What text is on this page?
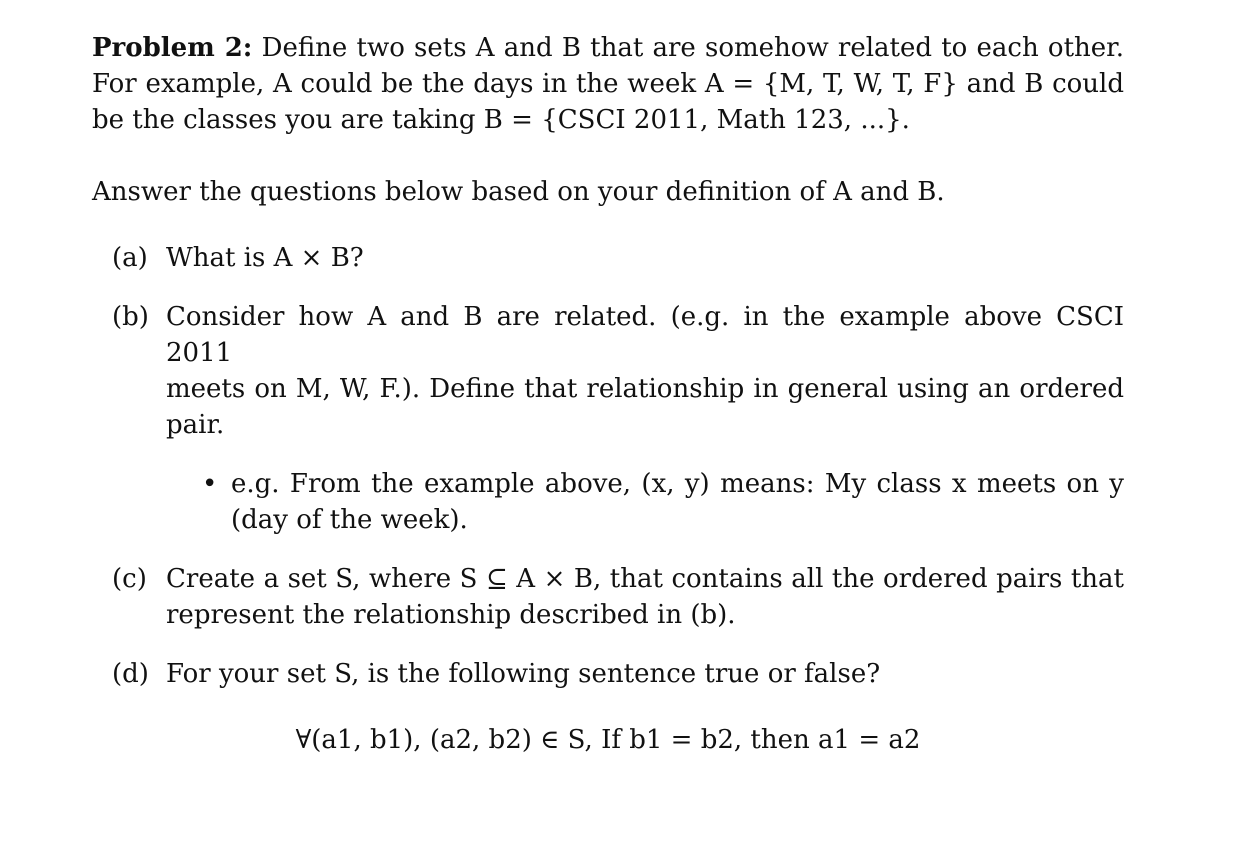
Problem 2: Define two sets A and B that are somehow related to each other.

For example, A could be the days in the week A = {M, T, W, T, F} and B could

be the classes you are taking B = {CSCI 2011, Math 123, ...}.

Answer the questions below based on your definition of A and B.

(a) What is A × B?
(b) Consider how A and B are related. (e.g. in the example above CSCI 2011
meets on M, W, F.). Define that relationship in general using an ordered
pair.
• e.g. From the example above, (x, y) means: My class x meets on y
(day of the week).
(c) Create a set S, where S ⊆ A × B, that contains all the ordered pairs that
represent the relationship described in (b).
(d) For your set S, is the following sentence true or false?
∀(a1, b1), (a2, b2) ∈ S, If b1 = b2, then a1 = a2
